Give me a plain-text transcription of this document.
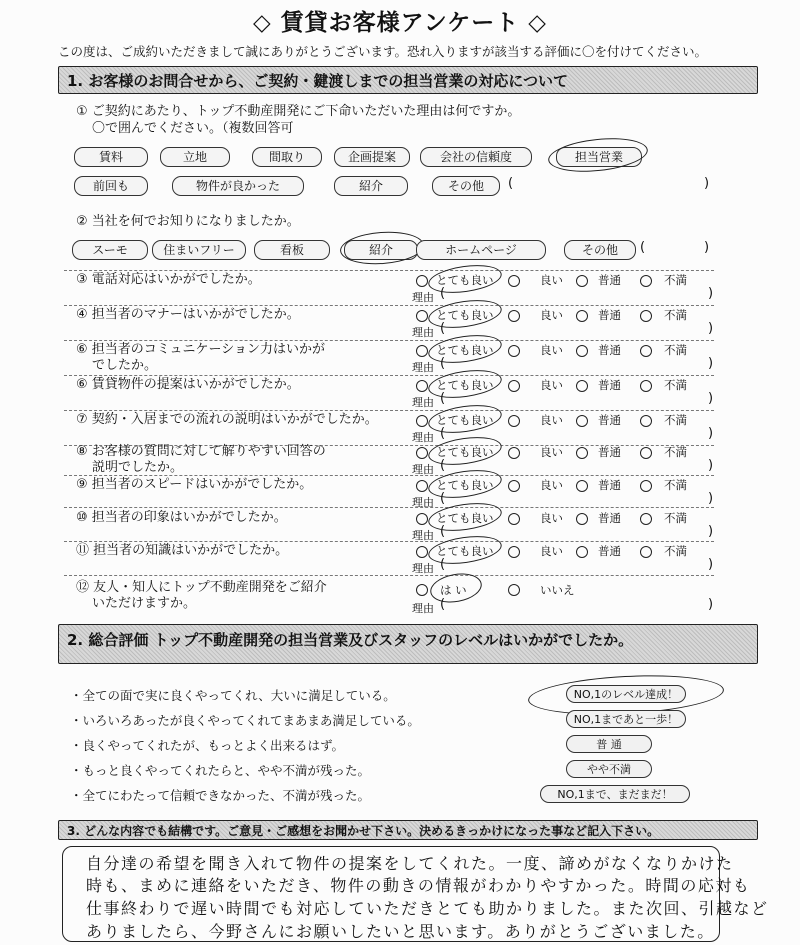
◇ 賃貸お客様アンケート ◇
この度は、ご成約いただきまして誠にありがとうございます。恐れ入りますが該当する評価に〇を付けてください。
1. お客様のお問合せから、ご契約・鍵渡しまでの担当営業の対応について
① ご契約にあたり、トップ不動産開発にご下命いただいた理由は何ですか。
〇で囲んでください。（複数回答可
賃料	立地	間取り	企画提案	会社の信頼度	担当営業
前回も	物件が良かった	紹介	その他	(	)
② 当社を何でお知りになりましたか。
スーモ	住まいフリー	看板	紹介	ホームページ	その他	(	)
③ 電話対応はいかがでしたか。	とても良い	良い	普通	不満
理由 (	)
④ 担当者のマナーはいかがでしたか。	とても良い	良い	普通	不満
理由 (	)
⑥ 担当者のコミュニケーション力はいかが
でしたか。
とても良い	良い	普通	不満
理由 (	)
⑥ 賃貸物件の提案はいかがでしたか。	とても良い	良い	普通	不満
理由 (	)
⑦ 契約・入居までの流れの説明はいかがでしたか。	とても良い	良い	普通	不満
理由 (	)
⑧ お客様の質問に対して解りやすい回答の
説明でしたか。
とても良い	良い	普通	不満
理由 (	)
⑨ 担当者のスピードはいかがでしたか。	とても良い	良い	普通	不満
理由 (	)
⑩ 担当者の印象はいかがでしたか。	とても良い	良い	普通	不満
理由 (	)
⑪ 担当者の知識はいかがでしたか。	とても良い	良い	普通	不満
理由 (	)
⑫ 友人・知人にトップ不動産開発をご紹介
いただけますか。
は い	いいえ
理由 (	)
2. 総合評価 トップ不動産開発の担当営業及びスタッフのレベルはいかがでしたか。
・全ての面で実に良くやってくれ、大いに満足している。	NO,1のレベル達成！
・いろいろあったが良くやってくれてまあまあ満足している。	NO,1まであと一歩！
・良くやってくれたが、もっとよく出来るはず。	普 通
・もっと良くやってくれたらと、やや不満が残った。	やや不満
・全てにわたって信頼できなかった、不満が残った。	NO,1まで、まだまだ！
3. どんな内容でも結構です。ご意見・ご感想をお聞かせ下さい。決めるきっかけになった事など記入下さい。
自分達の希望を聞き入れて物件の提案をしてくれた。一度、諦めがなくなりかけた
時も、まめに連絡をいただき、物件の動きの情報がわかりやすかった。時間の応対も
仕事終わりで遅い時間でも対応していただきとても助かりました。また次回、引越など
ありましたら、今野さんにお願いしたいと思います。ありがとうございました。
